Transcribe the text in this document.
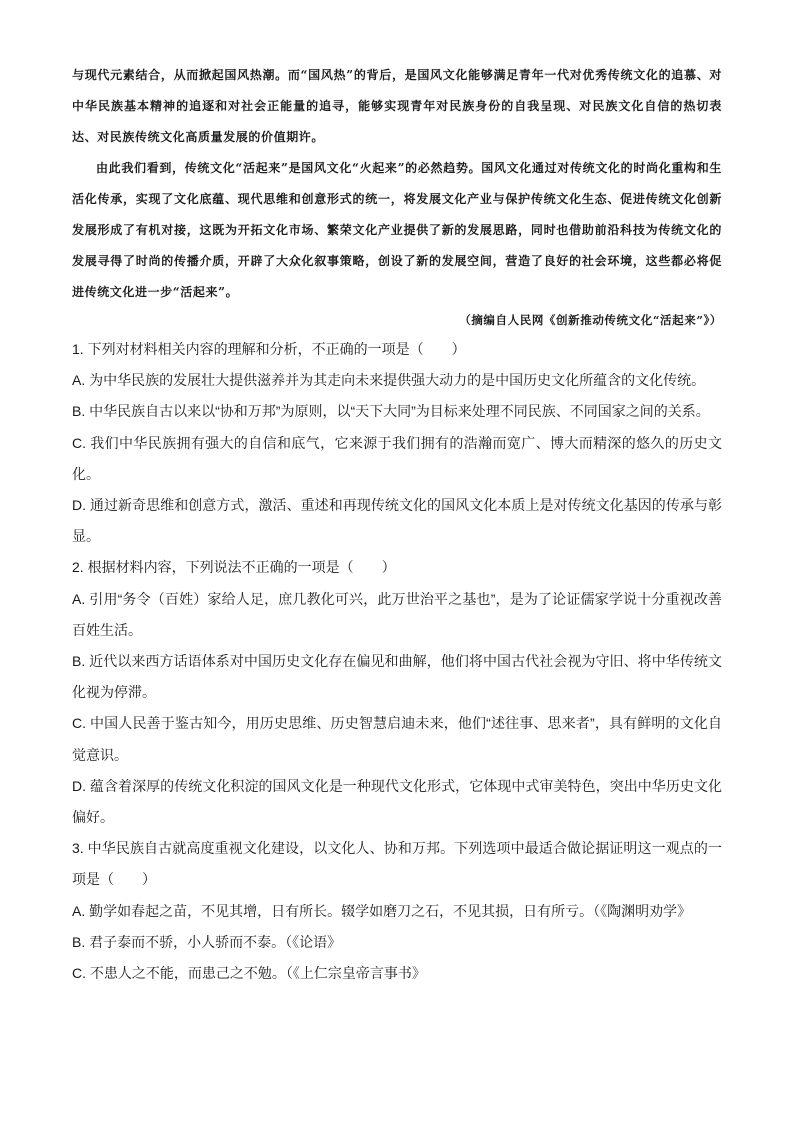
与现代元素结合，从而掀起国风热潮。而“国风热”的背后，是国风文化能够满足青年一代对优秀传统文化的追慕、对中华民族基本精神的追逐和对社会正能量的追寻，能够实现青年对民族身份的自我呈现、对民族文化自信的热切表达、对民族传统文化高质量发展的价值期许。

由此我们看到，传统文化“活起来”是国风文化“火起来”的必然趋势。国风文化通过对传统文化的时尚化重构和生活化传承，实现了文化底蕴、现代思维和创意形式的统一，将发展文化产业与保护传统文化生态、促进传统文化创新发展形成了有机对接，这既为开拓文化市场、繁荣文化产业提供了新的发展思路，同时也借助前沿科技为传统文化的发展寻得了时尚的传播介质，开辟了大众化叙事策略，创设了新的发展空间，营造了良好的社会环境，这些都必将促进传统文化进一步“活起来”。

（摘编自人民网《创新推动传统文化“活起来”》）

1. 下列对材料相关内容的理解和分析，不正确的一项是（　　）

A. 为中华民族的发展壮大提供滋养并为其走向未来提供强大动力的是中国历史文化所蕴含的文化传统。

B. 中华民族自古以来以“协和万邦”为原则，以“天下大同”为目标来处理不同民族、不同国家之间的关系。

C. 我们中华民族拥有强大的自信和底气，它来源于我们拥有的浩瀚而宽广、博大而精深的悠久的历史文化。

D. 通过新奇思维和创意方式，激活、重述和再现传统文化的国风文化本质上是对传统文化基因的传承与彰显。

2. 根据材料内容，下列说法不正确的一项是（　　）

A. 引用“务令（百姓）家给人足，庶几教化可兴，此万世治平之基也”，是为了论证儒家学说十分重视改善百姓生活。

B. 近代以来西方话语体系对中国历史文化存在偏见和曲解，他们将中国古代社会视为守旧、将中华传统文化视为停滞。

C. 中国人民善于鉴古知今，用历史思维、历史智慧启迪未来，他们“述往事、思来者”，具有鲜明的文化自觉意识。

D. 蕴含着深厚的传统文化积淀的国风文化是一种现代文化形式，它体现中式审美特色，突出中华历史文化偏好。

3. 中华民族自古就高度重视文化建设，以文化人、协和万邦。下列选项中最适合做论据证明这一观点的一项是（　　）

A. 勤学如春起之苗，不见其增，日有所长。辍学如磨刀之石，不见其损，日有所亏。（《陶渊明劝学》

B. 君子泰而不骄，小人骄而不泰。（《论语》

C. 不患人之不能，而患己之不勉。（《上仁宗皇帝言事书》
